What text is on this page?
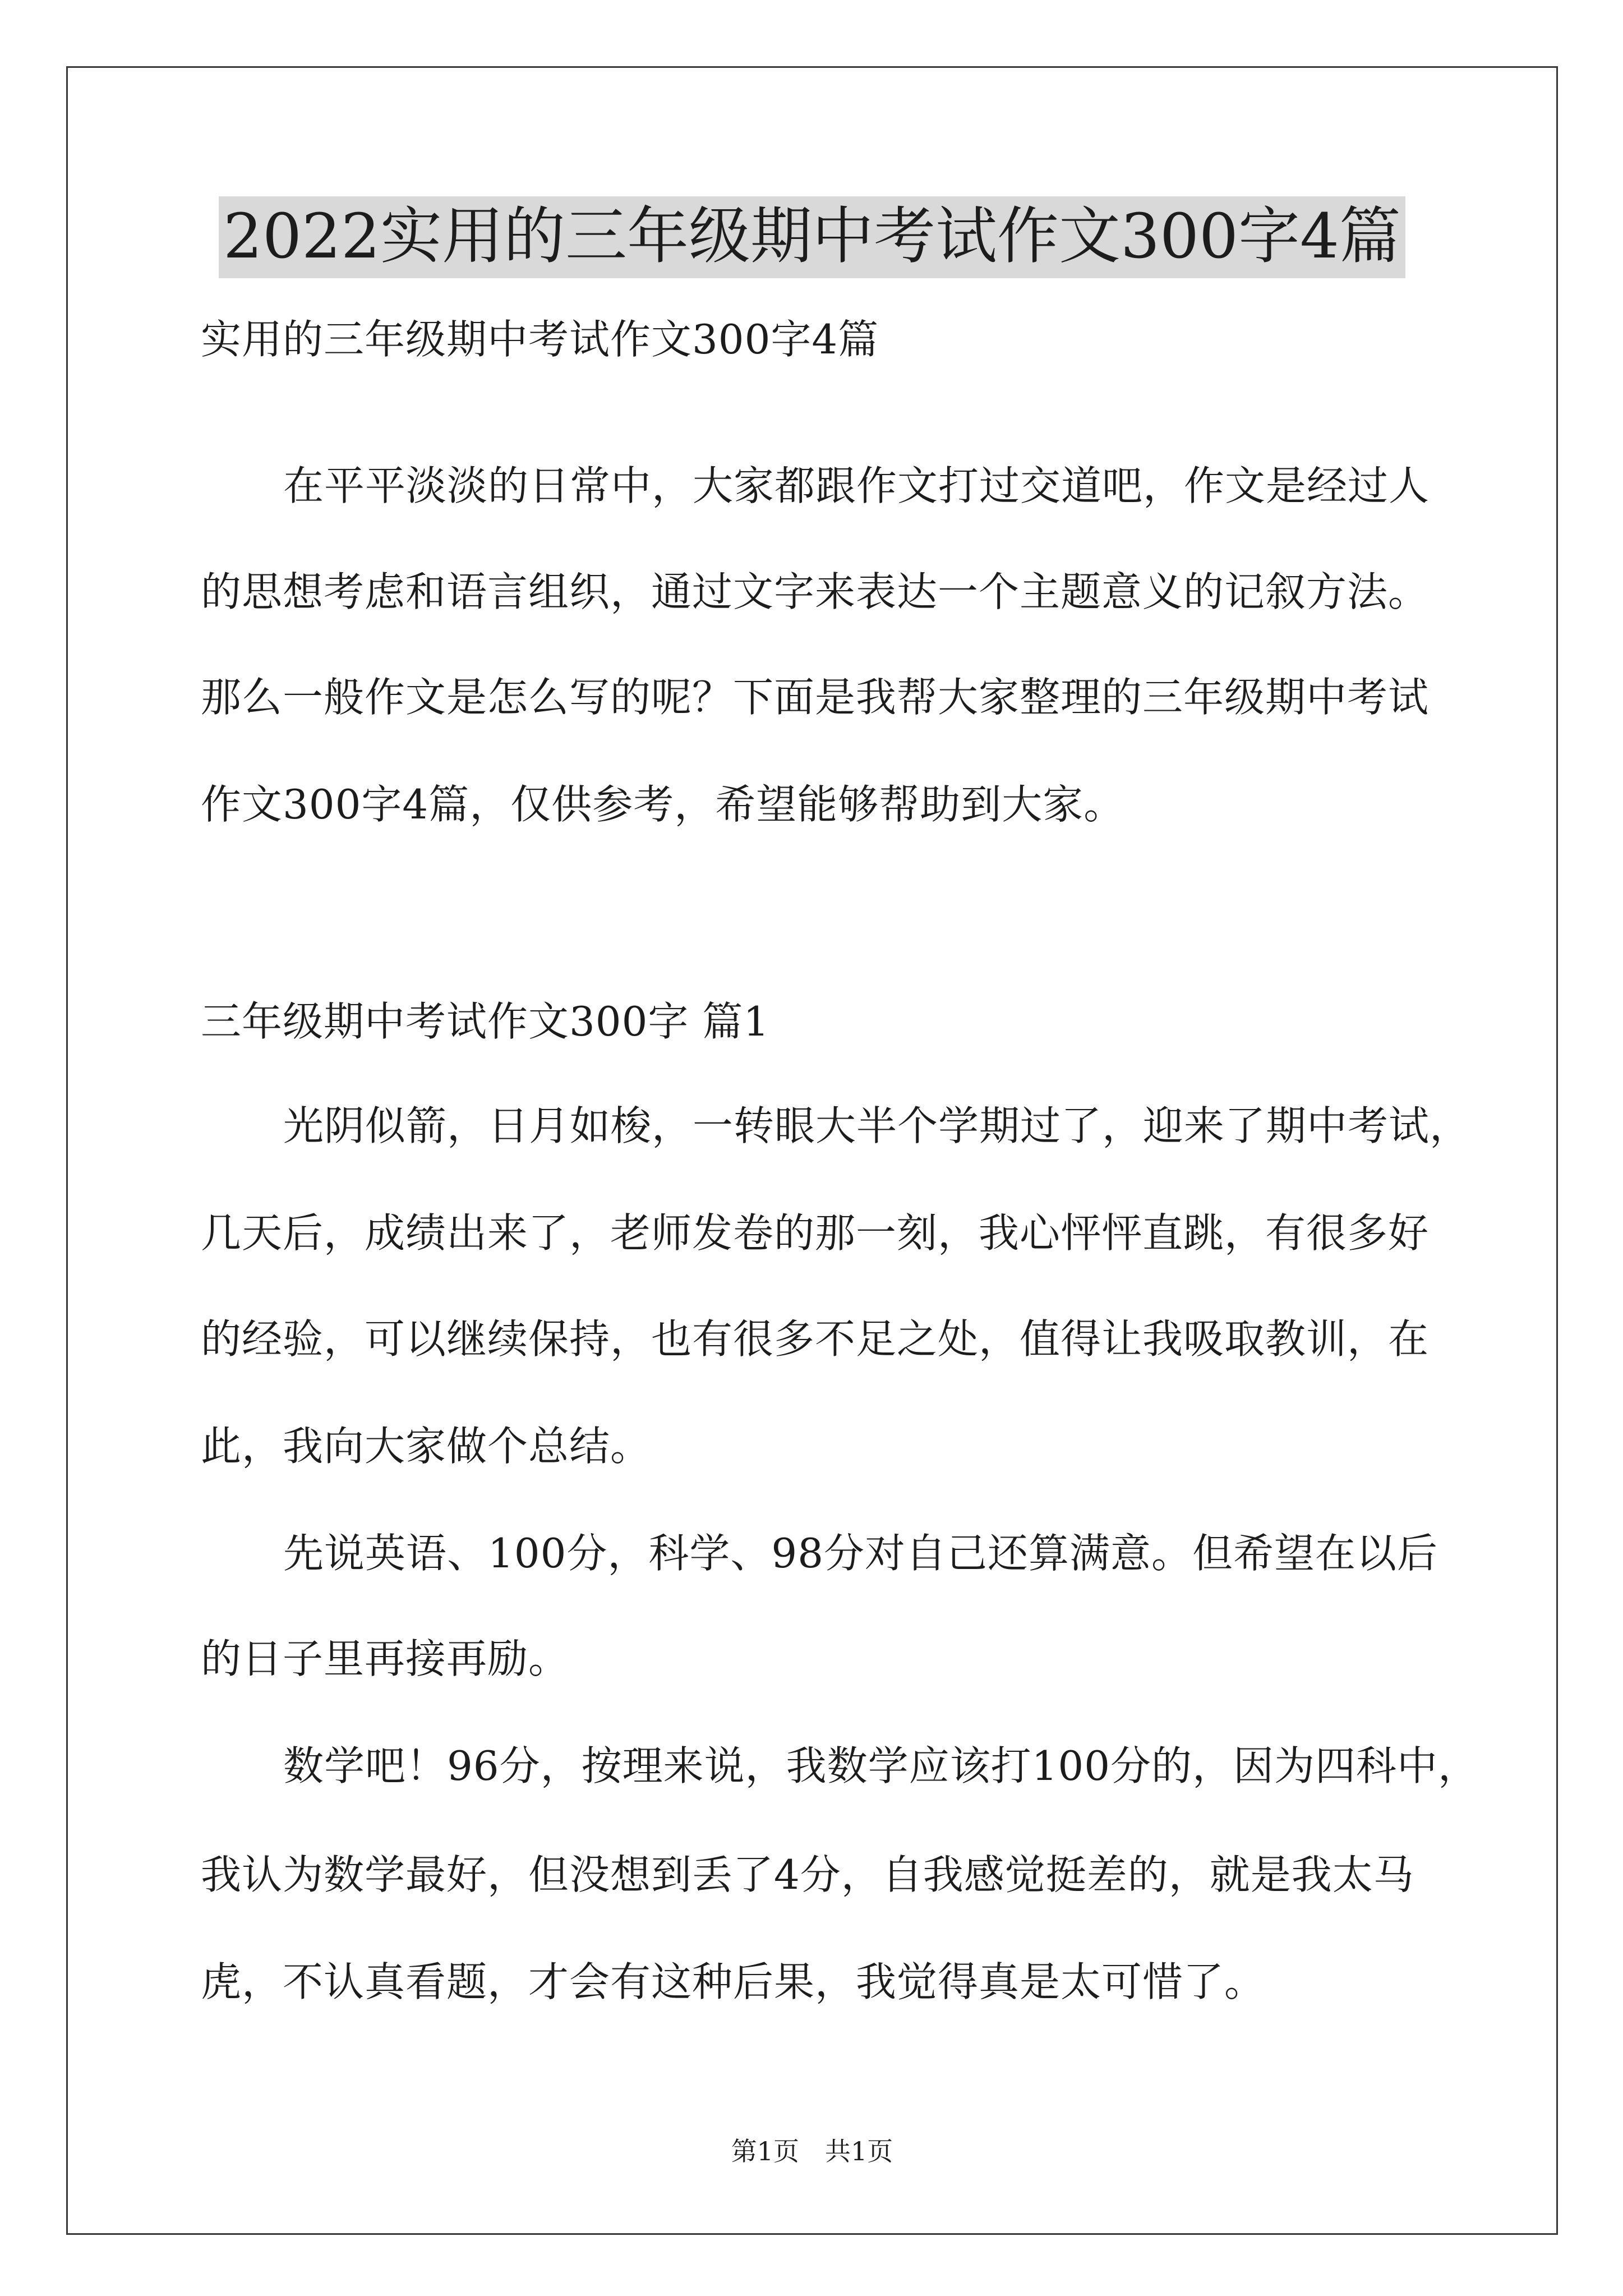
2022实用的三年级期中考试作文300字4篇
实用的三年级期中考试作文300字4篇
在平平淡淡的日常中，大家都跟作文打过交道吧，作文是经过人
的思想考虑和语言组织，通过文字来表达一个主题意义的记叙方法。
那么一般作文是怎么写的呢？下面是我帮大家整理的三年级期中考试
作文300字4篇，仅供参考，希望能够帮助到大家。
三年级期中考试作文300字 篇1
光阴似箭，日月如梭，一转眼大半个学期过了，迎来了期中考试，
几天后，成绩出来了，老师发卷的那一刻，我心怦怦直跳，有很多好
的经验，可以继续保持，也有很多不足之处，值得让我吸取教训，在
此，我向大家做个总结。
先说英语、100分，科学、98分对自己还算满意。但希望在以后
的日子里再接再励。
数学吧！96分，按理来说，我数学应该打100分的，因为四科中，
我认为数学最好，但没想到丢了4分，自我感觉挺差的，就是我太马
虎，不认真看题，才会有这种后果，我觉得真是太可惜了。
第1页　共1页
